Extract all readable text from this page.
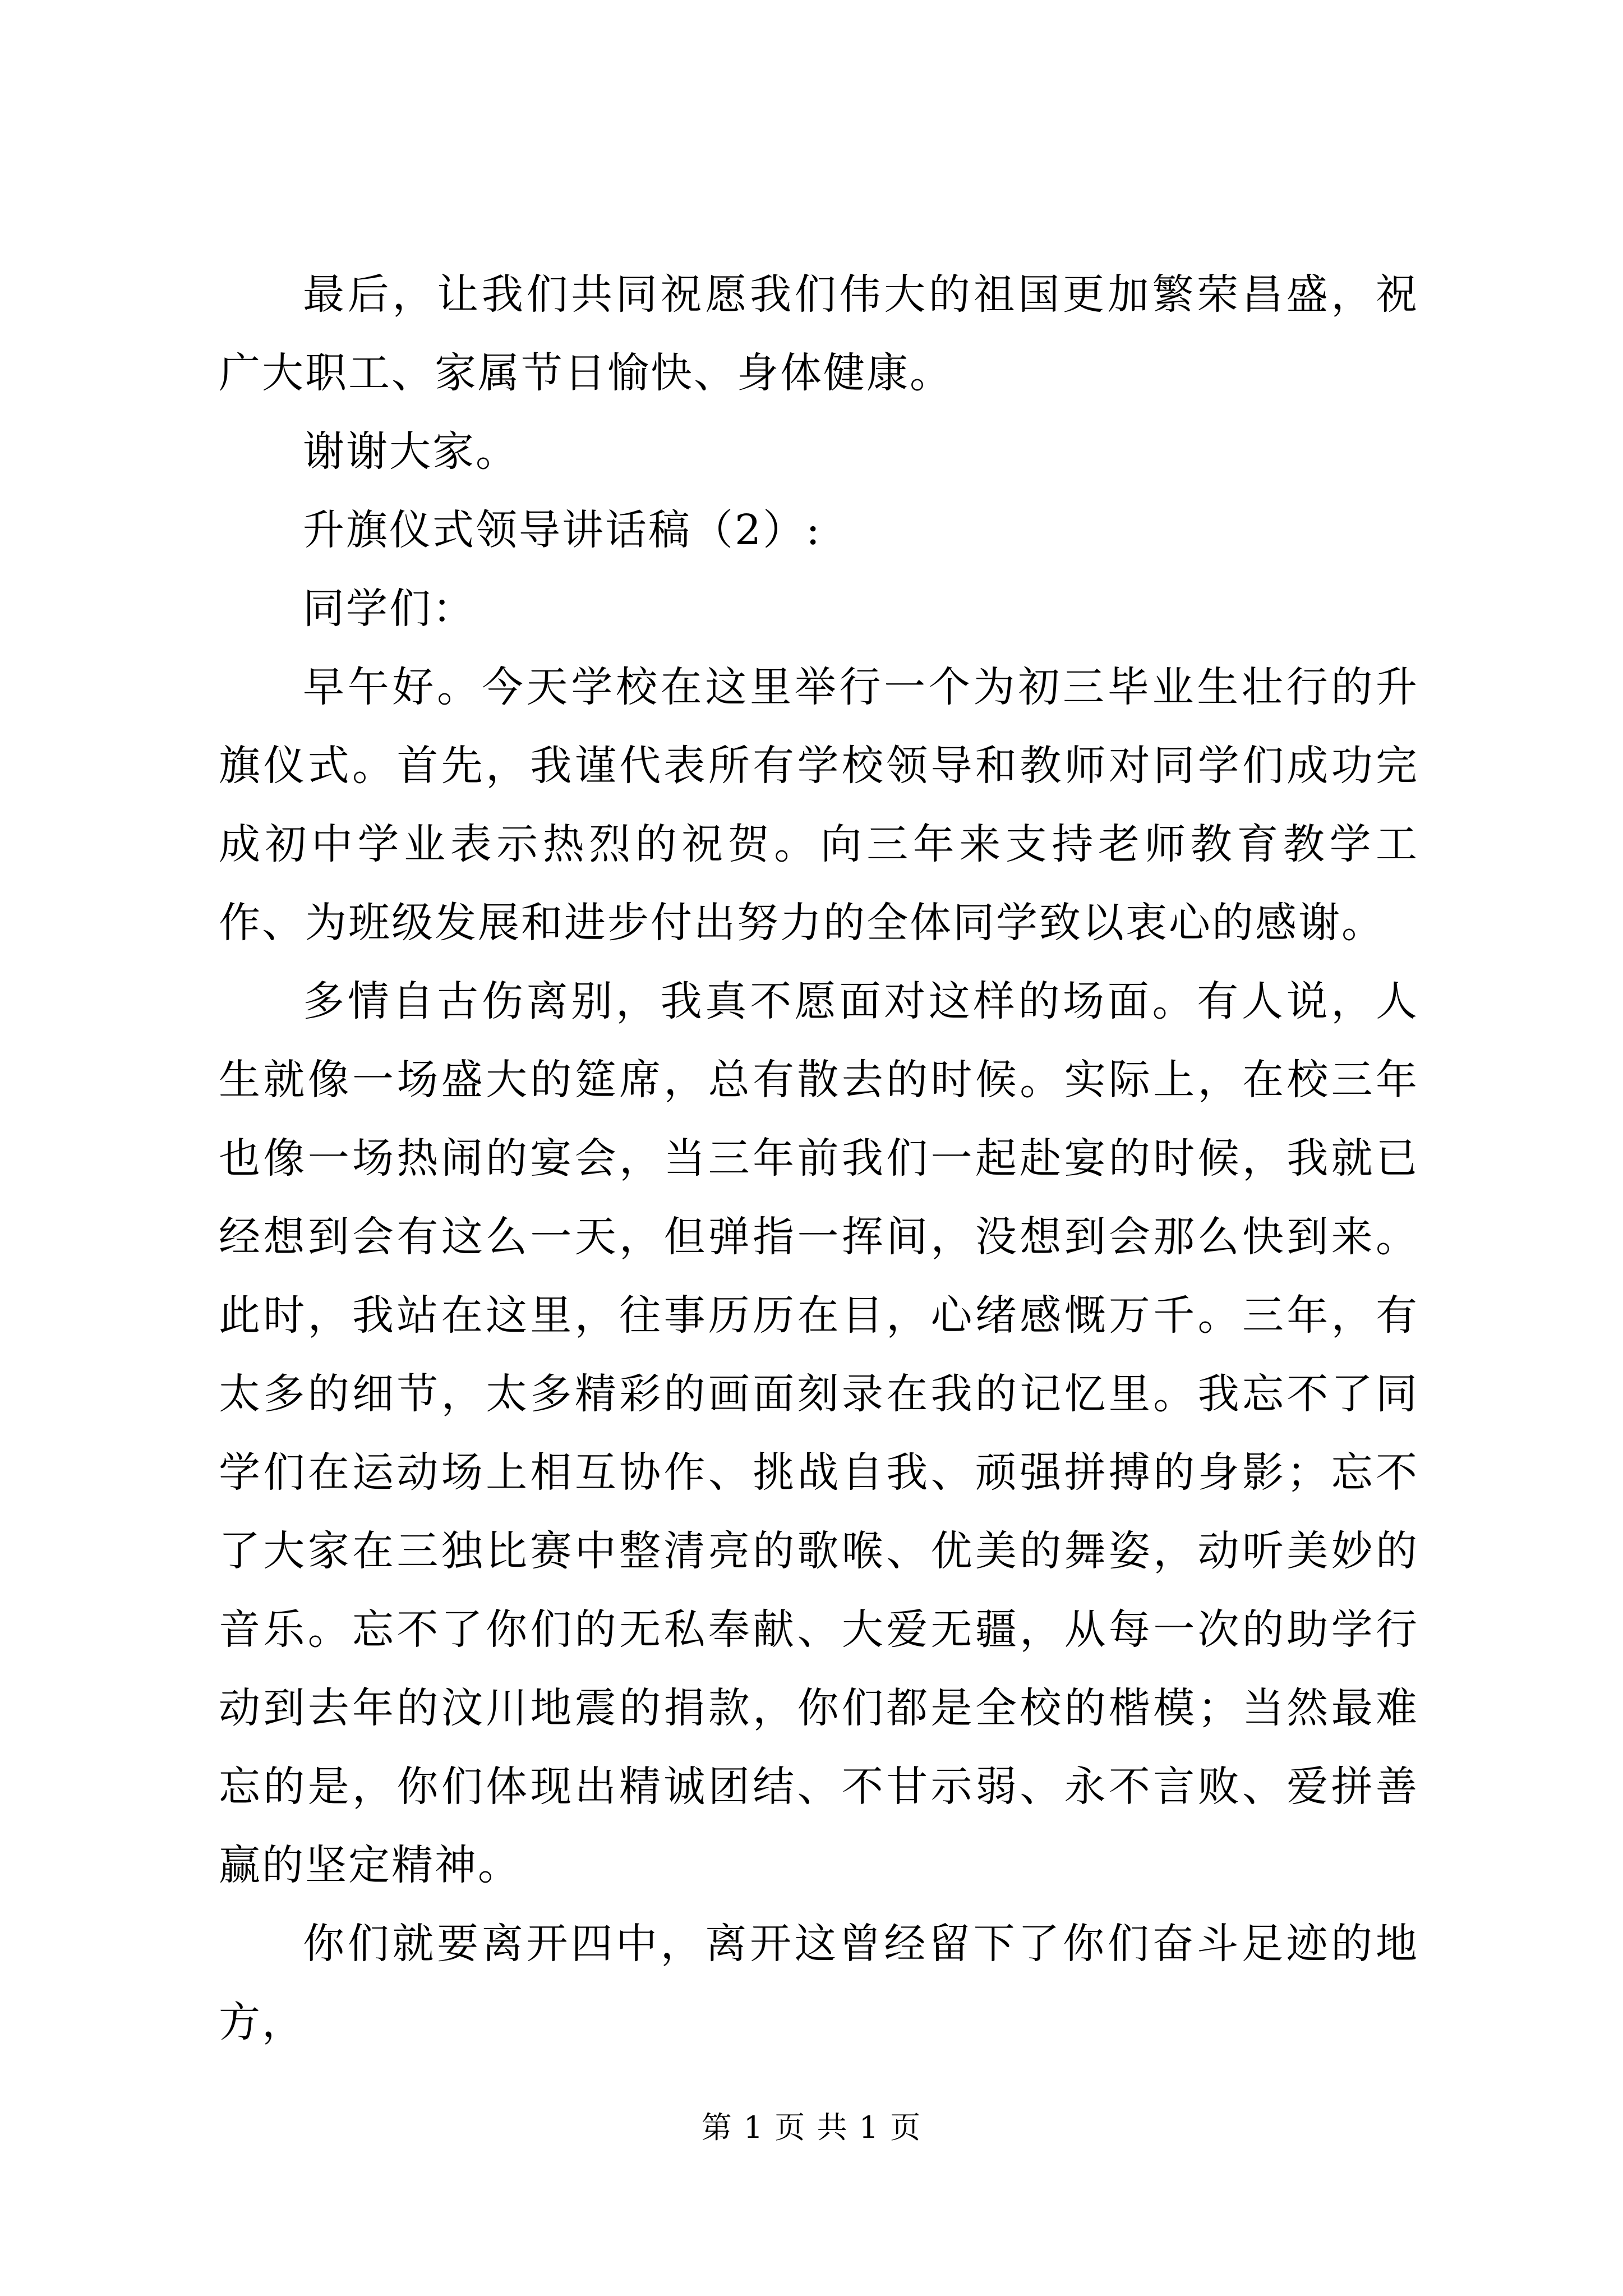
最后，让我们共同祝愿我们伟大的祖国更加繁荣昌盛，祝广大职工、家属节日愉快、身体健康。

谢谢大家。

升旗仪式领导讲话稿（2）:

同学们：

早午好。今天学校在这里举行一个为初三毕业生壮行的升旗仪式。首先，我谨代表所有学校领导和教师对同学们成功完成初中学业表示热烈的祝贺。向三年来支持老师教育教学工作、为班级发展和进步付出努力的全体同学致以衷心的感谢。

多情自古伤离别，我真不愿面对这样的场面。有人说，人生就像一场盛大的筵席，总有散去的时候。实际上，在校三年也像一场热闹的宴会，当三年前我们一起赴宴的时候，我就已经想到会有这么一天，但弹指一挥间，没想到会那么快到来。此时，我站在这里，往事历历在目，心绪感慨万千。三年，有太多的细节，太多精彩的画面刻录在我的记忆里。我忘不了同学们在运动场上相互协作、挑战自我、顽强拼搏的身影；忘不了大家在三独比赛中整清亮的歌喉、优美的舞姿，动听美妙的音乐。忘不了你们的无私奉献、大爱无疆，从每一次的助学行动到去年的汶川地震的捐款，你们都是全校的楷模；当然最难忘的是，你们体现出精诚团结、不甘示弱、永不言败、爱拼善赢的坚定精神。

你们就要离开四中，离开这曾经留下了你们奋斗足迹的地方，

第 1 页 共 1 页
